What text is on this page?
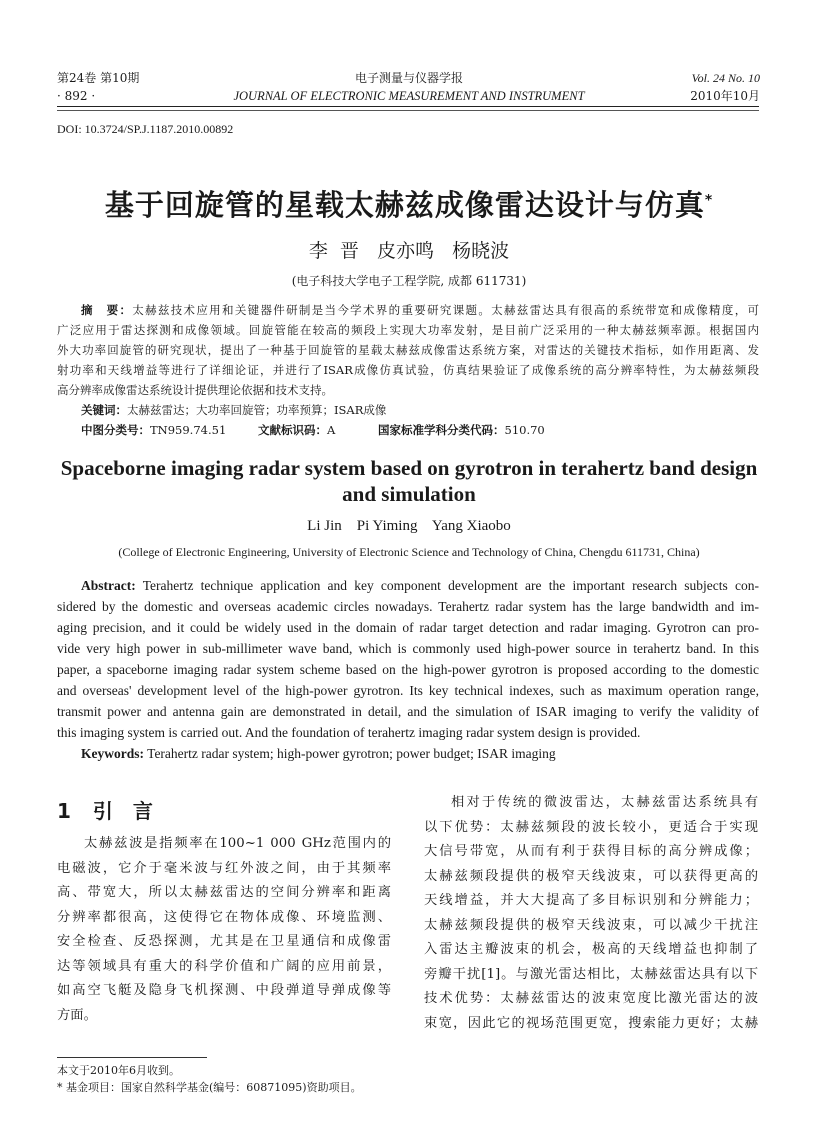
第24卷 第10期
· 892 ·
电子测量与仪器学报
JOURNAL OF ELECTRONIC MEASUREMENT AND INSTRUMENT
Vol. 24 No. 10
2010年10月
DOI: 10.3724/SP.J.1187.2010.00892
基于回旋管的星载太赫兹成像雷达设计与仿真*
李  晋   皮亦鸣   杨晓波
(电子科技大学电子工程学院, 成都 611731)
摘　要：太赫兹技术应用和关键器件研制是当今学术界的重要研究课题。太赫兹雷达具有很高的系统带宽和成像精度，可
广泛应用于雷达探测和成像领域。回旋管能在较高的频段上实现大功率发射，是目前广泛采用的一种太赫兹频率源。根据国内
外大功率回旋管的研究现状，提出了一种基于回旋管的星载太赫兹成像雷达系统方案，对雷达的关键技术指标，如作用距离、发
射功率和天线增益等进行了详细论证，并进行了ISAR成像仿真试验，仿真结果验证了成像系统的高分辨率特性，为太赫兹频段
高分辨率成像雷达系统设计提供理论依据和技术支持。
关键词：太赫兹雷达；大功率回旋管；功率预算；ISAR成像
中图分类号：TN959.74.51	文献标识码：A	国家标准学科分类代码：510.70
Spaceborne imaging radar system based on gyrotron in terahertz band design
and simulation
Li Jin    Pi Yiming    Yang Xiaobo
(College of Electronic Engineering, University of Electronic Science and Technology of China, Chengdu 611731, China)
Abstract: Terahertz technique application and key component development are the important research subjects con-
sidered by the domestic and overseas academic circles nowadays. Terahertz radar system has the large bandwidth and im-
aging precision, and it could be widely used in the domain of radar target detection and radar imaging. Gyrotron can pro-
vide very high power in sub-millimeter wave band, which is commonly used high-power source in terahertz band. In this
paper, a spaceborne imaging radar system scheme based on the high-power gyrotron is proposed according to the domestic
and overseas' development level of the high-power gyrotron. Its key technical indexes, such as maximum operation range,
transmit power and antenna gain are demonstrated in detail, and the simulation of ISAR imaging to verify the validity of
this imaging system is carried out. And the foundation of terahertz imaging radar system design is provided.
Keywords: Terahertz radar system; high-power gyrotron; power budget; ISAR imaging
1 引　言
太赫兹波是指频率在100~1 000 GHz范围内的
电磁波，它介于毫米波与红外波之间，由于其频率
高、带宽大，所以太赫兹雷达的空间分辨率和距离
分辨率都很高，这使得它在物体成像、环境监测、
安全检查、反恐探测，尤其是在卫星通信和成像雷
达等领域具有重大的科学价值和广阔的应用前景，
如高空飞艇及隐身飞机探测、中段弹道导弹成像等
方面。
相对于传统的微波雷达，太赫兹雷达系统具有
以下优势：太赫兹频段的波长较小，更适合于实现
大信号带宽，从而有利于获得目标的高分辨成像；
太赫兹频段提供的极窄天线波束，可以获得更高的
天线增益，并大大提高了多目标识别和分辨能力；
太赫兹频段提供的极窄天线波束，可以减少干扰注
入雷达主瓣波束的机会，极高的天线增益也抑制了
旁瓣干扰[1]。与激光雷达相比，太赫兹雷达具有以下
技术优势：太赫兹雷达的波束宽度比激光雷达的波
束宽，因此它的视场范围更宽，搜索能力更好；太赫
本文于2010年6月收到。
* 基金项目：国家自然科学基金(编号：60871095)资助项目。
